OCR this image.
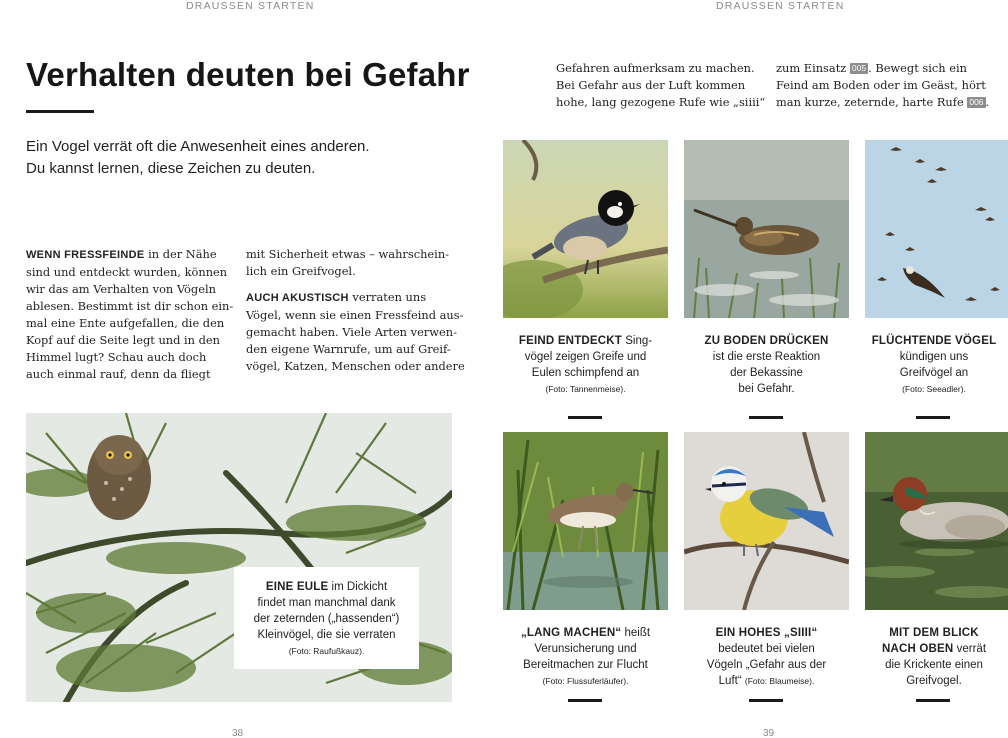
DRAUSSEN STARTEN	DRAUSSEN STARTEN
Verhalten deuten bei Gefahr
Ein Vogel verrät oft die Anwesenheit eines anderen.
Du kannst lernen, diese Zeichen zu deuten.
WENN FRESSFEINDE in der Nähe
sind und entdeckt wurden, können
wir das am Verhalten von Vögeln
ablesen. Bestimmt ist dir schon ein-
mal eine Ente aufgefallen, die den
Kopf auf die Seite legt und in den
Himmel lugt? Schau auch doch
auch einmal rauf, denn da fliegt
mit Sicherheit etwas – wahrschein-
lich ein Greifvogel.
AUCH AKUSTISCH verraten uns
Vögel, wenn sie einen Fressfeind aus-
gemacht haben. Viele Arten verwen-
den eigene Warnrufe, um auf Greif-
vögel, Katzen, Menschen oder andere
Gefahren aufmerksam zu machen.
Bei Gefahr aus der Luft kommen
hohe, lang gezogene Rufe wie „siiii“
zum Einsatz 005 . Bewegt sich ein
Feind am Boden oder im Geäst, hört
man kurze, zeternde, harte Rufe 006 .
EINE EULE im Dickicht
findet man manchmal dank
der zeternden („hassenden“)
Kleinvögel, die sie verraten
(Foto: Raufußkauz).
FEIND ENTDECKT Sing-
vögel zeigen Greife und
Eulen schimpfend an
(Foto: Tannenmeise).
ZU BODEN DRÜCKEN
ist die erste Reaktion
der Bekassine
bei Gefahr.
FLÜCHTENDE VÖGEL
kündigen uns
Greifvögel an
(Foto: Seeadler).
„LANG MACHEN“ heißt
Verunsicherung und
Bereitmachen zur Flucht
(Foto: Flussuferläufer).
EIN HOHES „SIIII“
bedeutet bei vielen
Vögeln „Gefahr aus der
Luft“ (Foto: Blaumeise).
MIT DEM BLICK
NACH OBEN verrät
die Krickente einen
Greifvogel.
38	39
